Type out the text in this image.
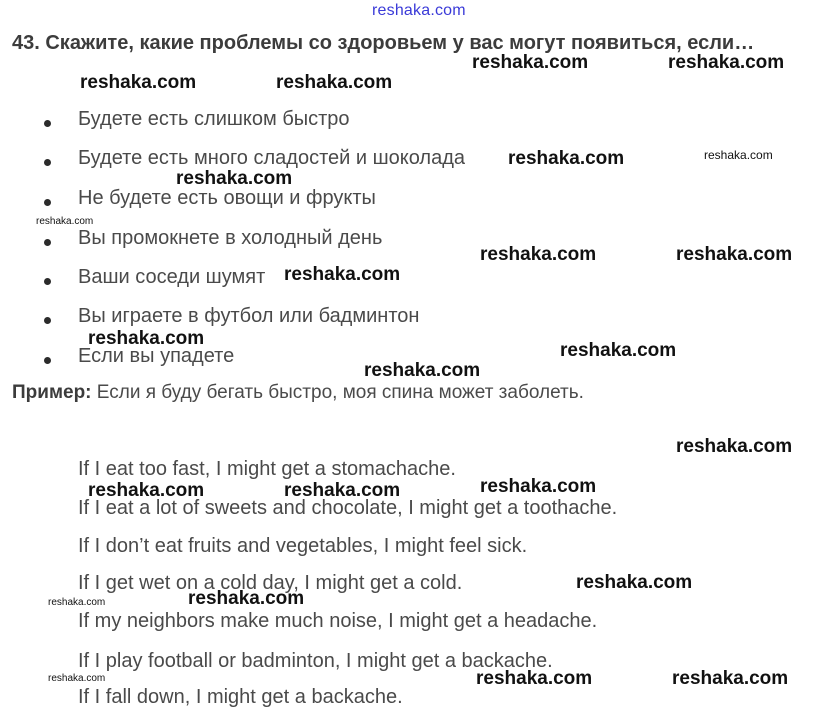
reshaka.com
43. Скажите, какие проблемы со здоровьем у вас могут появиться, если…
Будете есть слишком быстро
Будете есть много сладостей и шоколада
Не будете есть овощи и фрукты
Вы промокнете в холодный день
Ваши соседи шумят
Вы играете в футбол или бадминтон
Если вы упадете
Пример: Если я буду бегать быстро, моя спина может заболеть.
If I eat too fast, I might get a stomachache.
If I eat a lot of sweets and chocolate, I might get a toothache.
If I don’t eat fruits and vegetables, I might feel sick.
If I get wet on a cold day, I might get a cold.
If my neighbors make much noise, I might get a headache.
If I play football or badminton, I might get a backache.
If I fall down, I might get a backache.
reshaka.com	reshaka.com
reshaka.com	reshaka.com
reshaka.com	reshaka.com
reshaka.com
reshaka.com
reshaka.com	reshaka.com
reshaka.com
reshaka.com
reshaka.com
reshaka.com
reshaka.com
reshaka.com
reshaka.com	reshaka.com
reshaka.com
reshaka.com
reshaka.com
reshaka.com	reshaka.com
reshaka.com
